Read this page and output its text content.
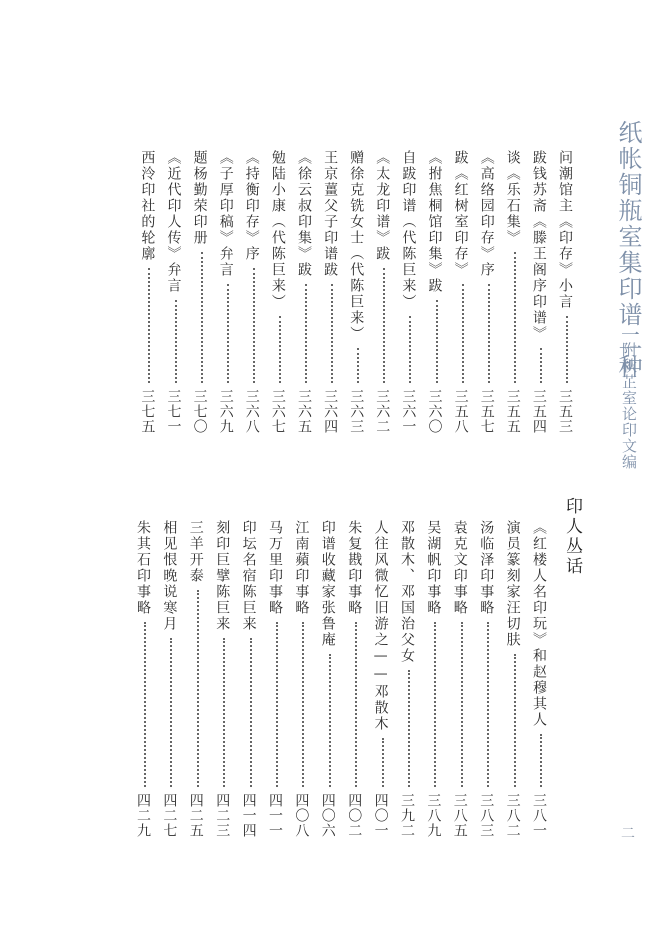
纸帐铜瓶室集印谱二种
附秋芷室论印文编
印人丛话
二
问潮馆主《印存》小言
三五三
跋钱苏斋《滕王阁序印谱》
三五四
谈《乐石集》
三五五
《高络园印存》序
三五七
跋《红树室印存》
三五八
《拊焦桐馆印集》跋
三六〇
自跋印谱（代陈巨来）
三六一
《太龙印谱》跋
三六二
赠徐克铣女士（代陈巨来）
三六三
王京薑父子印谱跋
三六四
《徐云叔印集》跋
三六五
勉陆小康（代陈巨来）
三六七
《持衡印存》序
三六八
《子厚印稿》弁言
三六九
题杨勤荣印册
三七〇
《近代印人传》弁言
三七一
西泠印社的轮廓
三七五
《红楼人名印玩》和赵穆其人
三八一
演员篆刻家汪切肤
三八二
汤临泽印事略
三八三
袁克文印事略
三八五
吴湖帆印事略
三八九
邓散木、邓国治父女
三九二
人往风微忆旧游之——邓散木
四〇一
朱复戡印事略
四〇二
印谱收藏家张鲁庵
四〇六
江南蘋印事略
四〇八
马万里印事略
四一一
印坛名宿陈巨来
四一四
刻印巨擘陈巨来
四二三
三羊开泰
四二五
相见恨晚说寒月
四二七
朱其石印事略
四二九
